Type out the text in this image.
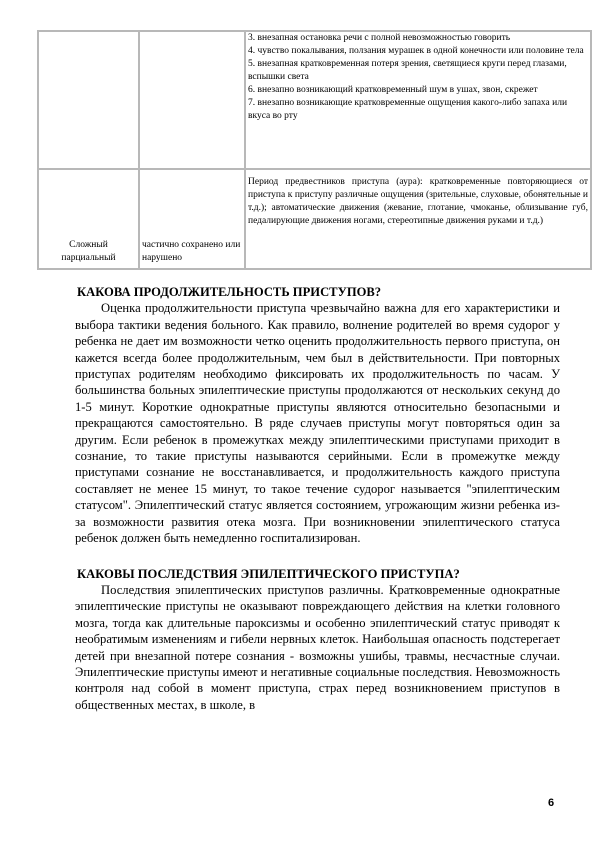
		3. внезапная остановка речи с полной невозможностью говорить
4. чувство покалывания, ползания мурашек в одной конечности или половине тела
5. внезапная кратковременная потеря зрения, светящиеся круги перед глазами, вспышки света
6. внезапно возникающий кратковременный шум в ушах, звон, скрежет
7. внезапно возникающие кратковременные ощущения какого-либо запаха или вкуса во рту

Сложный парциальный	частично сохранено или нарушено	Период предвестников приступа (аура): кратковременные повторяющиеся от приступа к приступу различные ощущения (зрительные, слуховые, обонятельные и т.д.); автоматические движения (жевание, глотание, чмоканье, облизывание губ, педалирующие движения ногами, стереотипные движения руками и т.д.)
КАКОВА ПРОДОЛЖИТЕЛЬНОСТЬ ПРИСТУПОВ?

Оценка продолжительности приступа чрезвычайно важна для его характеристики и выбора тактики ведения больного. Как правило, волнение родителей во время судорог у ребенка не дает им возможности четко оценить продолжительность первого приступа, он кажется всегда более продолжительным, чем был в действительности. При повторных приступах родителям необходимо фиксировать их продолжительность по часам. У большинства больных эпилептические приступы продолжаются от нескольких секунд до 1-5 минут. Короткие однократные приступы являются относительно безопасными и прекращаются самостоятельно. В ряде случаев приступы могут повторяться один за другим. Если ребенок в промежутках между эпилептическими приступами приходит в сознание, то такие приступы называются серийными. Если в промежутке между приступами сознание не восстанавливается, и продолжительность каждого приступа составляет не менее 15 минут, то такое течение судорог называется "эпилептическим статусом". Эпилептический статус является состоянием, угрожающим жизни ребенка из-за возможности развития отека мозга. При возникновении эпилептического статуса ребенок должен быть немедленно госпитализирован.

КАКОВЫ ПОСЛЕДСТВИЯ ЭПИЛЕПТИЧЕСКОГО ПРИСТУПА?

Последствия эпилептических приступов различны. Кратковременные однократные эпилептические приступы не оказывают повреждающего действия на клетки головного мозга, тогда как длительные пароксизмы и особенно эпилептический статус приводят к необратимым изменениям и гибели нервных клеток. Наибольшая опасность подстерегает детей при внезапной потере сознания - возможны ушибы, травмы, несчастные случаи. Эпилептические приступы имеют и негативные социальные последствия. Невозможность контроля над собой в момент приступа, страх перед возникновением приступов в общественных местах, в школе, в

6
